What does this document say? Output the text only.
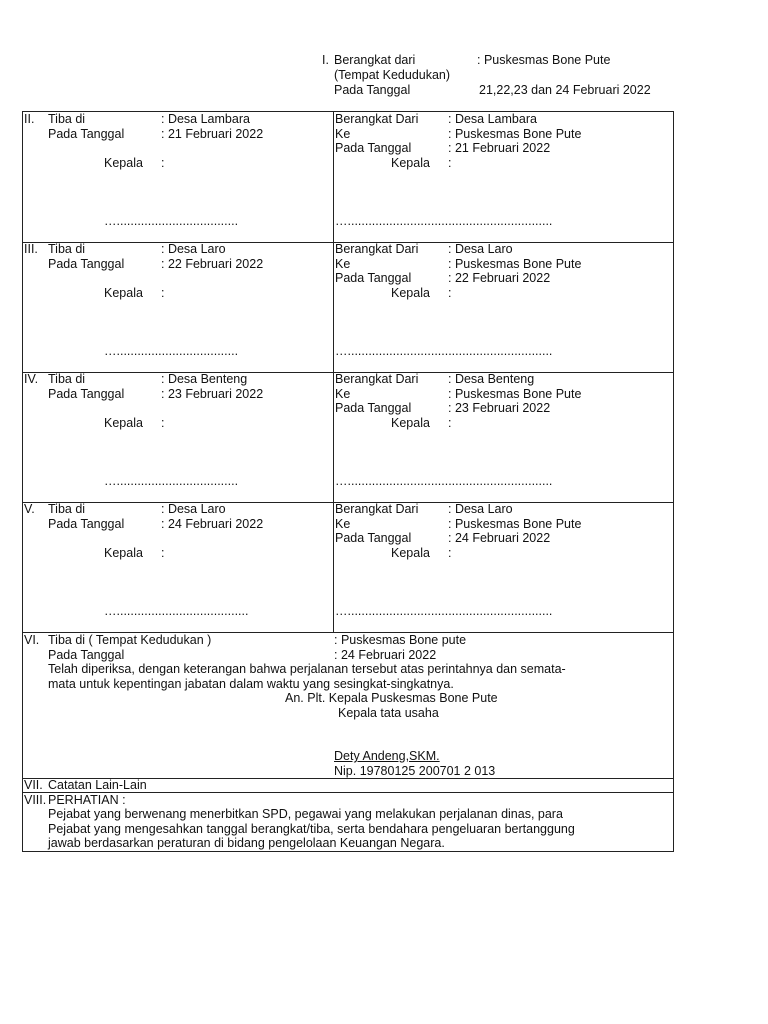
I. Berangkat dari	: Puskesmas Bone Pute
(Tempat Kedudukan)
Pada Tanggal	21,22,23 dan 24 Februari 2022
II. Tiba di	: Desa Lambara
Pada Tanggal	: 21 Februari 2022
Kepala :
…...................................
Berangkat Dari : Desa Lambara
Ke	: Puskesmas Bone Pute
Pada Tanggal	: 21 Februari 2022
Kepala :
…...........................................................
III. Tiba di	: Desa Laro
Pada Tanggal	: 22 Februari 2022
Kepala :
…...................................
Berangkat Dari : Desa Laro
Ke	: Puskesmas Bone Pute
Pada Tanggal	: 22 Februari 2022
Kepala :
…...........................................................
IV. Tiba di	: Desa Benteng
Pada Tanggal	: 23 Februari 2022
Kepala :
…...................................
Berangkat Dari : Desa Benteng
Ke	: Puskesmas Bone Pute
Pada Tanggal	: 23 Februari 2022
Kepala :
…...........................................................
V. Tiba di	: Desa Laro
Pada Tanggal	: 24 Februari 2022
Kepala :
…......................................
Berangkat Dari : Desa Laro
Ke	: Puskesmas Bone Pute
Pada Tanggal	: 24 Februari 2022
Kepala :
…...........................................................
VI. Tiba di ( Tempat Kedudukan )	: Puskesmas Bone pute
Pada Tanggal	: 24 Februari 2022
Telah diperiksa, dengan keterangan bahwa perjalanan tersebut atas perintahnya dan semata-
mata untuk kepentingan jabatan dalam waktu yang sesingkat-singkatnya.
An. Plt. Kepala Puskesmas Bone Pute
Kepala tata usaha
Dety Andeng,SKM.
Nip. 19780125 200701 2 013
VII. Catatan Lain-Lain
VIII. PERHATIAN :
Pejabat yang berwenang menerbitkan SPD, pegawai yang melakukan perjalanan dinas, para
Pejabat yang mengesahkan tanggal berangkat/tiba, serta bendahara pengeluaran bertanggung
jawab berdasarkan peraturan di bidang pengelolaan Keuangan Negara.
